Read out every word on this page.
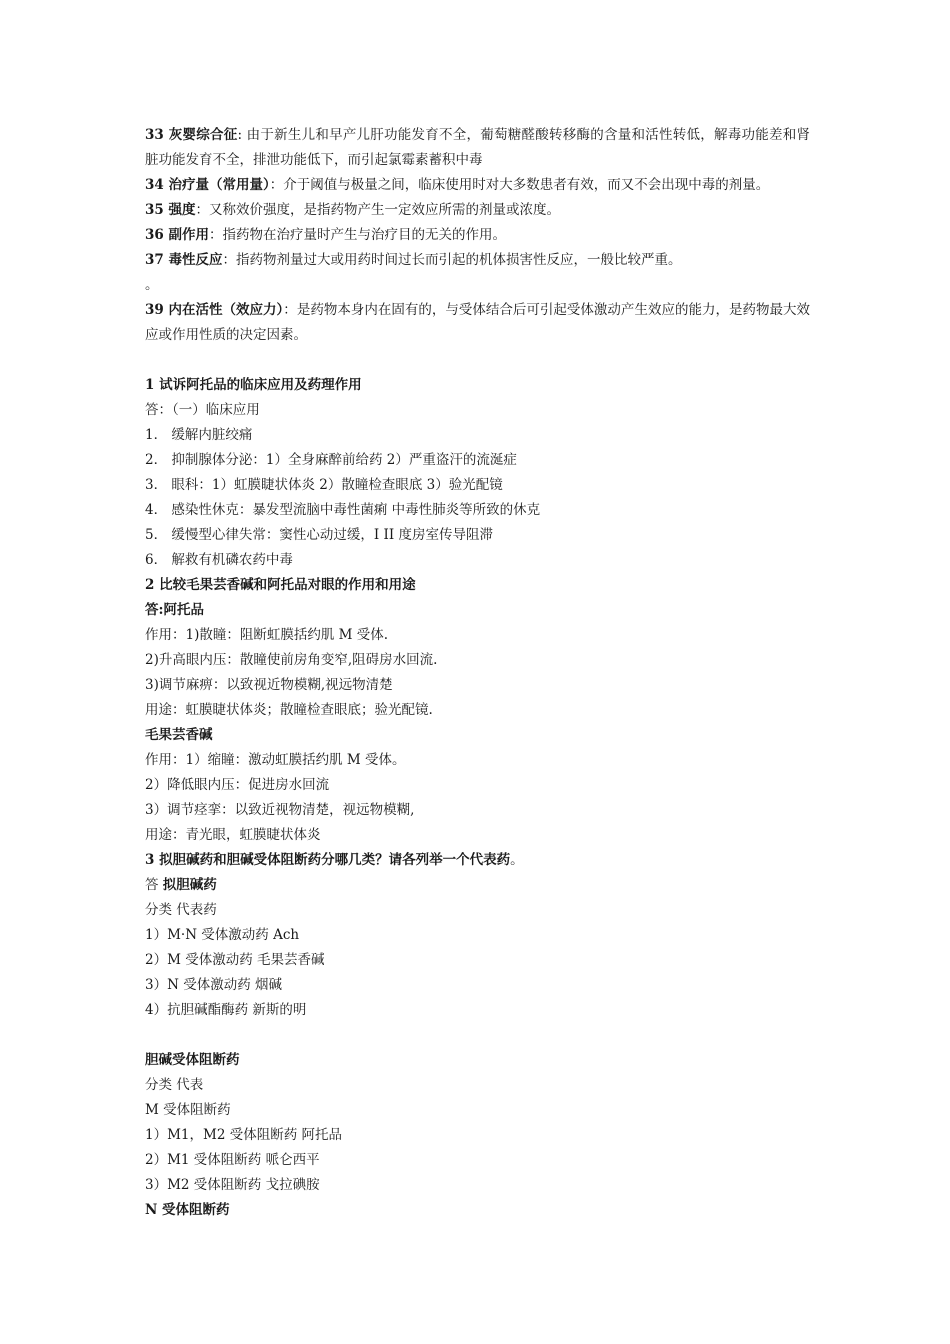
33 灰婴综合征: 由于新生儿和早产儿肝功能发育不全，葡萄糖醛酸转移酶的含量和活性转低，解毒功能差和肾脏功能发育不全，排泄功能低下，而引起氯霉素蓄积中毒
34 治疗量（常用量）：介于阈值与极量之间，临床使用时对大多数患者有效，而又不会出现中毒的剂量。
35 强度：又称效价强度，是指药物产生一定效应所需的剂量或浓度。
36 副作用：指药物在治疗量时产生与治疗目的无关的作用。
37 毒性反应：指药物剂量过大或用药时间过长而引起的机体损害性反应，一般比较严重。
。
39 内在活性（效应力）：是药物本身内在固有的，与受体结合后可引起受体激动产生效应的能力，是药物最大效应或作用性质的决定因素。
1 试诉阿托品的临床应用及药理作用
答：（一）临床应用
1． 缓解内脏绞痛
2． 抑制腺体分泌：1）全身麻醉前给药 2）严重盗汗的流涎症
3． 眼科：1）虹膜睫状体炎 2）散瞳检查眼底 3）验光配镜
4． 感染性休克：暴发型流脑中毒性菌痢 中毒性肺炎等所致的休克
5． 缓慢型心律失常：窦性心动过缓，I II 度房室传导阻滞
6． 解救有机磷农药中毒
2 比较毛果芸香碱和阿托品对眼的作用和用途
答:阿托品
作用：1)散瞳：阻断虹膜括约肌 M 受体.
2)升高眼内压：散瞳使前房角变窄,阻碍房水回流.
3)调节麻痹：以致视近物模糊,视远物清楚
用途：虹膜睫状体炎；散瞳检查眼底；验光配镜.
毛果芸香碱
作用：1）缩瞳：激动虹膜括约肌 M 受体。
2）降低眼内压：促进房水回流
3）调节痉挛：以致近视物清楚，视远物模糊,
用途：青光眼，虹膜睫状体炎
3 拟胆碱药和胆碱受体阻断药分哪几类？请各列举一个代表药。
答 拟胆碱药
分类 代表药
1）M·N 受体激动药 Ach
2）M 受体激动药 毛果芸香碱
3）N 受体激动药 烟碱
4）抗胆碱酯酶药 新斯的明
胆碱受体阻断药
分类 代表
M 受体阻断药
1）M1，M2 受体阻断药 阿托品
2）M1 受体阻断药 哌仑西平
3）M2 受体阻断药 戈拉碘胺
N 受体阻断药
